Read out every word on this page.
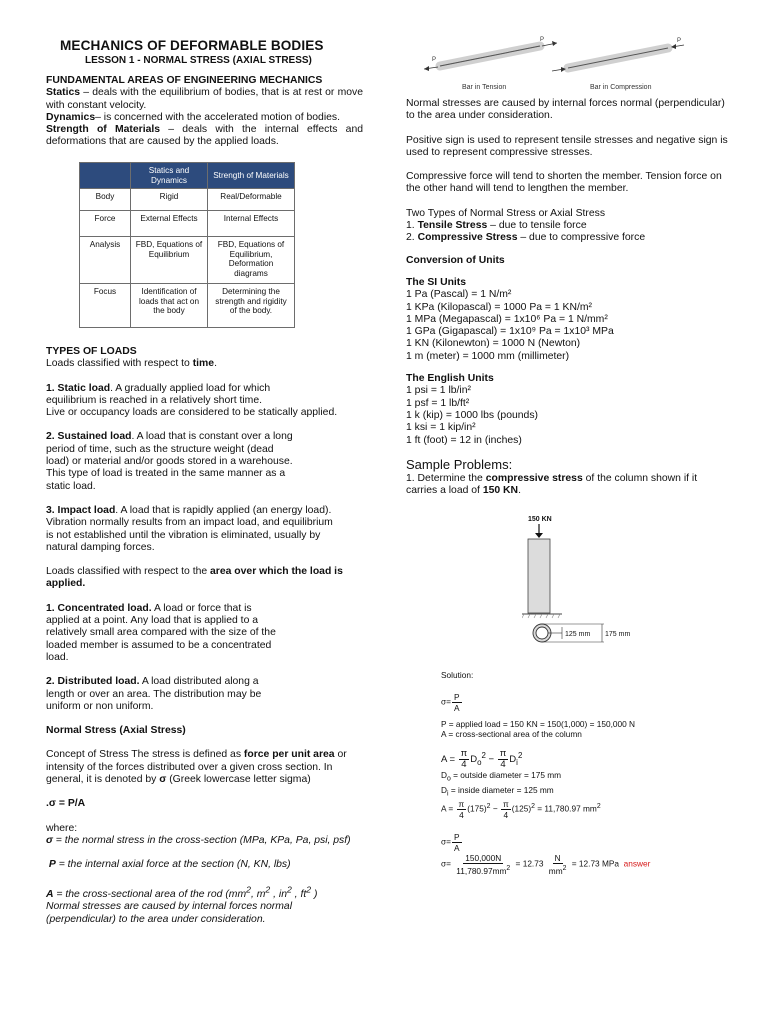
MECHANICS OF DEFORMABLE BODIES
LESSON 1 - NORMAL STRESS (AXIAL STRESS)

FUNDAMENTAL AREAS OF ENGINEERING MECHANICS

Statics – deals with the equilibrium of bodies, that is at rest or move with constant velocity.

Dynamics– is concerned with the accelerated motion of bodies.

Strength of Materials – deals with the internal effects and deformations that are caused by the applied loads.

	Statics and Dynamics	Strength of Materials
Body	Rigid	Real/Deformable
Force	External Effects	Internal Effects
Analysis	FBD, Equations of Equilibrium	FBD, Equations of Equilibrium, Deformation diagrams
Focus	Identification of loads that act on the body	Determining the strength and rigidity of the body.

TYPES OF LOADS

Loads classified with respect to time.

1. Static load. A gradually applied load for which equilibrium is reached in a relatively short time.

Live or occupancy loads are considered to be statically applied.

2. Sustained load. A load that is constant over a long period of time, such as the structure weight (dead load) or material and/or goods stored in a warehouse. This type of load is treated in the same manner as a static load.

3. Impact load. A load that is rapidly applied (an energy load). Vibration normally results from an impact load, and equilibrium is not established until the vibration is eliminated, usually by natural damping forces.

Loads classified with respect to the area over which the load is applied.

1. Concentrated load. A load or force that is applied at a point. Any load that is applied to a relatively small area compared with the size of the loaded member is assumed to be a concentrated load.

2. Distributed load. A load distributed along a length or over an area. The distribution may be uniform or non uniform.

Normal Stress (Axial Stress)

Concept of Stress The stress is defined as force per unit area or intensity of the forces distributed over a given cross section. In general, it is denoted by σ (Greek lowercase letter sigma)

.σ = P/A

where:

σ = the normal stress in the cross-section (MPa, KPa, Pa, psi, psf)

P = the internal axial force at the section (N, KN, lbs)

A = the cross-sectional area of the rod ($mm^2$, $m^2$ , $in^2$ , $ft^2$ )

Normal stresses are caused by internal forces normal (perpendicular) to the area under consideration.

P
P
Bar in Tension
P
Bar in Compression

Normal stresses are caused by internal forces normal (perpendicular) to the area under consideration.

Positive sign is used to represent tensile stresses and negative sign is used to represent compressive stresses.

Compressive force will tend to shorten the member. Tension force on the other hand will tend to lengthen the member.

Two Types of Normal Stress or Axial Stress

1. Tensile Stress – due to tensile force

2. Compressive Stress – due to compressive force

Conversion of Units

The SI Units

1 Pa (Pascal) = 1 N/m²

1 KPa (Kilopascal) = 1000 Pa = 1 KN/m²

1 MPa (Megapascal) = 1x10⁶ Pa = 1 N/mm²

1 GPa (Gigapascal) = 1x10⁹ Pa = 1x10³ MPa

1 KN (Kilonewton) = 1000 N (Newton)

1 m (meter) = 1000 mm (millimeter)

The English Units

1 psi = 1 lb/in²

1 psf = 1 lb/ft²

1 k (kip) = 1000 lbs (pounds)

1 ksi = 1 kip/in²

1 ft (foot) = 12 in (inches)

Sample Problems:

1. Determine the compressive stress of the column shown if it carries a load of 150 KN.

150 KN
125 mm 175 mm
Solution:
$\sigma= \frac{P}{A}$
P = applied load = 150 KN = 150(1,000) = 150,000 N
A = cross-sectional area of the column
$A = \frac{\pi}{4} D_o^2 - \frac{\pi}{4} D_i^2$
$D_o$ = outside diameter = 175 mm
$D_i$ = inside diameter = 125 mm
$A = \frac{\pi}{4} (175)^2 - \frac{\pi}{4} (125)^2 = 11,780.97$ $mm^2$
$\sigma= \frac{P}{A}$
$\sigma= \frac{150,000N}{11,780.97mm^2} = 12.73 \frac{N}{mm^2} = 12.73$ MPa answer
